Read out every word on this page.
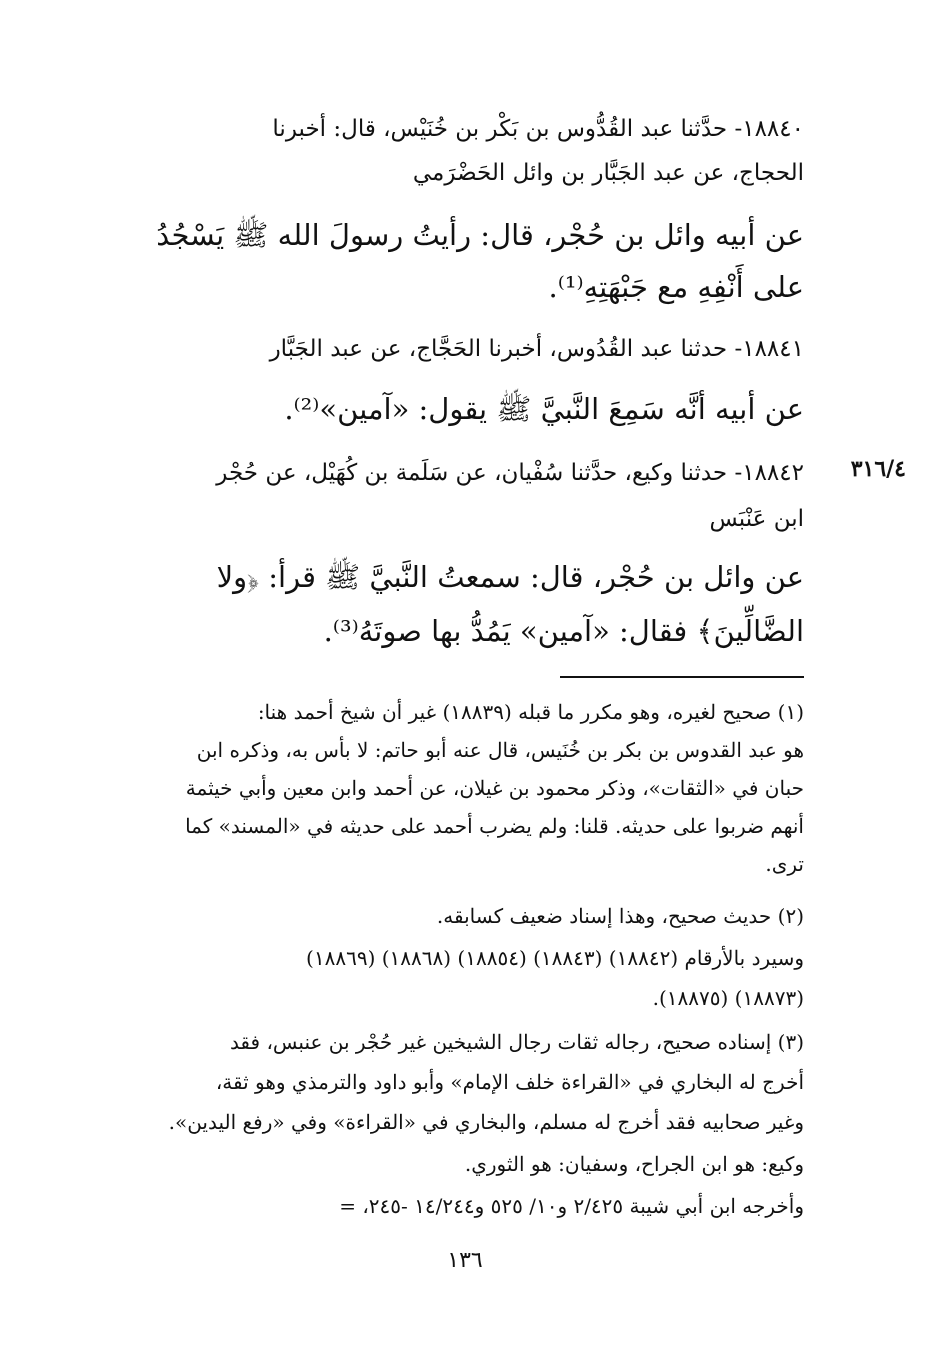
٣١٦/٤
١٨٨٤٠- حدَّثنا عبد القُدُّوس بن بَكْر بن خُنَيْس، قال: أخبرنا
الحجاج، عن عبد الجَبَّار بن وائل الحَضْرَمي
عن أبيه وائل بن حُجْر، قال: رأيتُ رسولَ الله ﷺ يَسْجُدُ
على أَنْفِهِ مع جَبْهَتِهِ⁽¹⁾.
١٨٨٤١- حدثنا عبد القُدُوس، أخبرنا الحَجَّاج، عن عبد الجَبَّار
عن أبيه أنَّه سَمِعَ النَّبيَّ ﷺ يقول: «آمين»⁽²⁾.
١٨٨٤٢- حدثنا وكيع، حدَّثنا سُفْيان، عن سَلَمة بن كُهَيْل، عن حُجْر
ابن عَنْبَس
عن وائل بن حُجْر، قال: سمعتُ النَّبيَّ ﷺ قرأ: ﴿ولا
الضَّالِّينَ﴾ فقال: «آمين» يَمُدُّ بها صوتَهُ⁽³⁾.
(١) صحيح لغيره، وهو مكرر ما قبله (١٨٨٣٩) غير أن شيخ أحمد هنا:
هو عبد القدوس بن بكر بن خُنَيس، قال عنه أبو حاتم: لا بأس به، وذكره ابن
حبان في «الثقات»، وذكر محمود بن غيلان، عن أحمد وابن معين وأبي خيثمة
أنهم ضربوا على حديثه. قلنا: ولم يضرب أحمد على حديثه في «المسند» كما
ترى.
(٢) حديث صحيح، وهذا إسناد ضعيف كسابقه.
وسيرد بالأرقام (١٨٨٤٢) (١٨٨٤٣) (١٨٨٥٤) (١٨٨٦٨) (١٨٨٦٩)
(١٨٨٧٣) (١٨٨٧٥).
(٣) إسناده صحيح، رجاله ثقات رجال الشيخين غير حُجْر بن عنبس، فقد
أخرج له البخاري في «القراءة خلف الإمام» وأبو داود والترمذي وهو ثقة،
وغير صحابيه فقد أخرج له مسلم، والبخاري في «القراءة» وفي «رفع اليدين».
وكيع: هو ابن الجراح، وسفيان: هو الثوري.
وأخرجه ابن أبي شيبة ٢/٤٢٥ و١٠/ ٥٢٥ و١٤/٢٤٤ -٢٤٥، =
١٣٦
